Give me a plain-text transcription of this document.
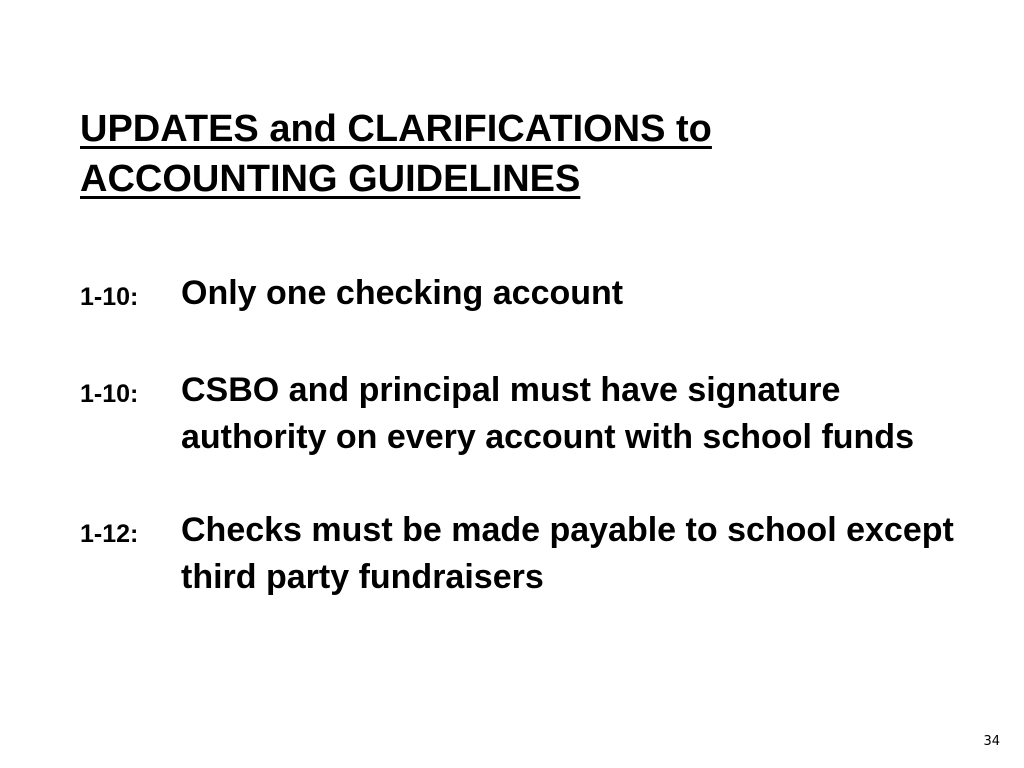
UPDATES and CLARIFICATIONS to
ACCOUNTING GUIDELINES
1-10:	Only one checking account
1-10:	CSBO and principal must have signature authority on every account with school funds
1-12:	Checks must be made payable to school except third party fundraisers
34
